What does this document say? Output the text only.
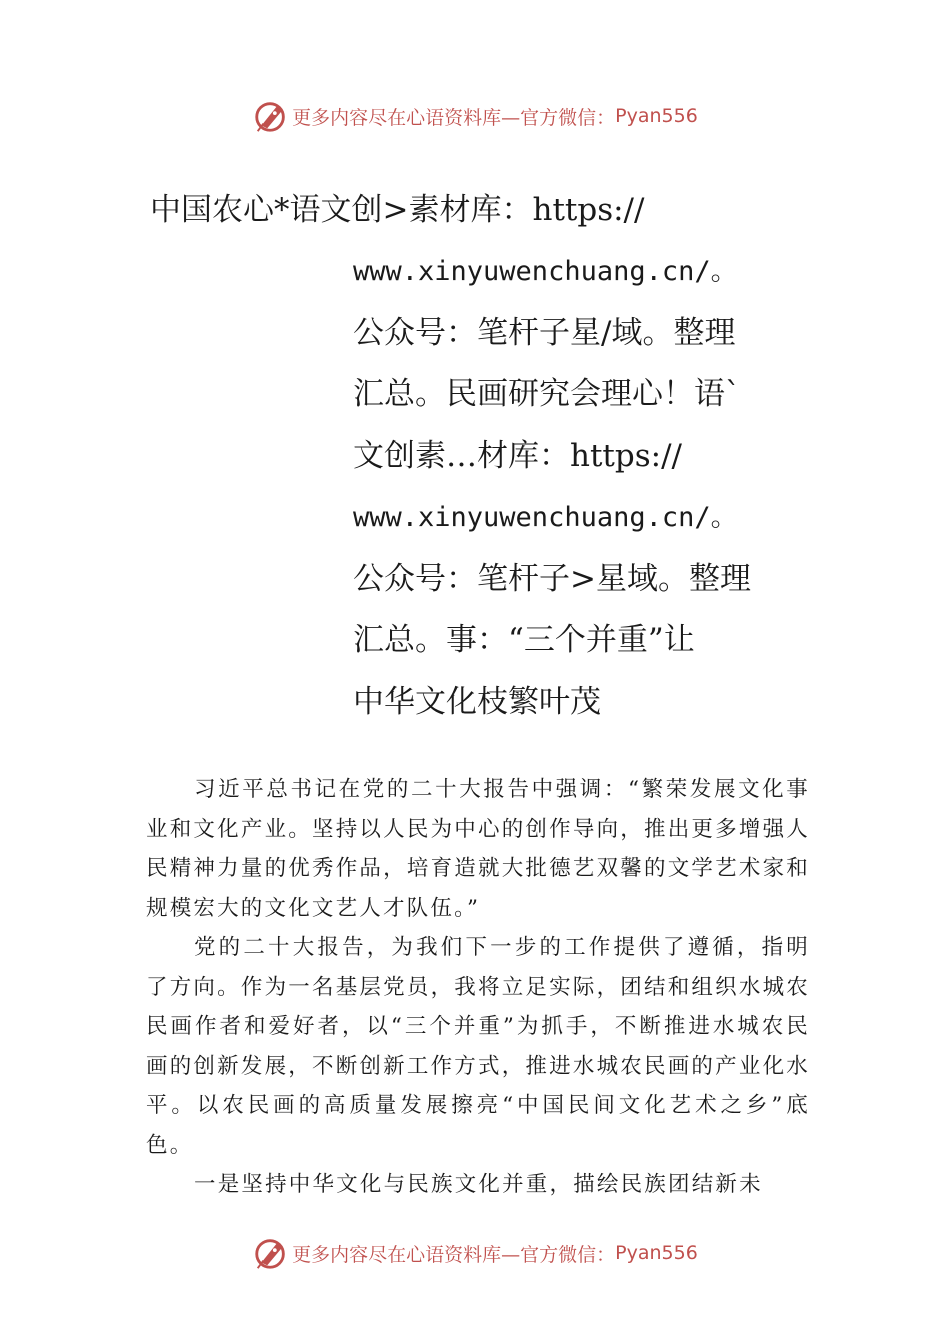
更多内容尽在心语资料库—官方微信： Pyan556
中国农心*语文创>素材库：https://
www.xinyuwenchuang.cn/。
公众号：笔杆子星/域。整理
汇总。民画研究会理心！语`
文创素…材库：https://
www.xinyuwenchuang.cn/。
公众号：笔杆子>星域。整理
汇总。事：“三个并重”让
中华文化枝繁叶茂

习近平总书记在党的二十大报告中强调：“繁荣发展文化事业和文化产业。坚持以人民为中心的创作导向，推出更多增强人民精神力量的优秀作品，培育造就大批德艺双馨的文学艺术家和规模宏大的文化文艺人才队伍。”

党的二十大报告，为我们下一步的工作提供了遵循，指明了方向。作为一名基层党员，我将立足实际，团结和组织水城农民画作者和爱好者，以“三个并重”为抓手，不断推进水城农民画的创新发展，不断创新工作方式，推进水城农民画的产业化水平。以农民画的高质量发展擦亮“中国民间文化艺术之乡”底色。

一是坚持中华文化与民族文化并重，描绘民族团结新未

更多内容尽在心语资料库—官方微信： Pyan556
